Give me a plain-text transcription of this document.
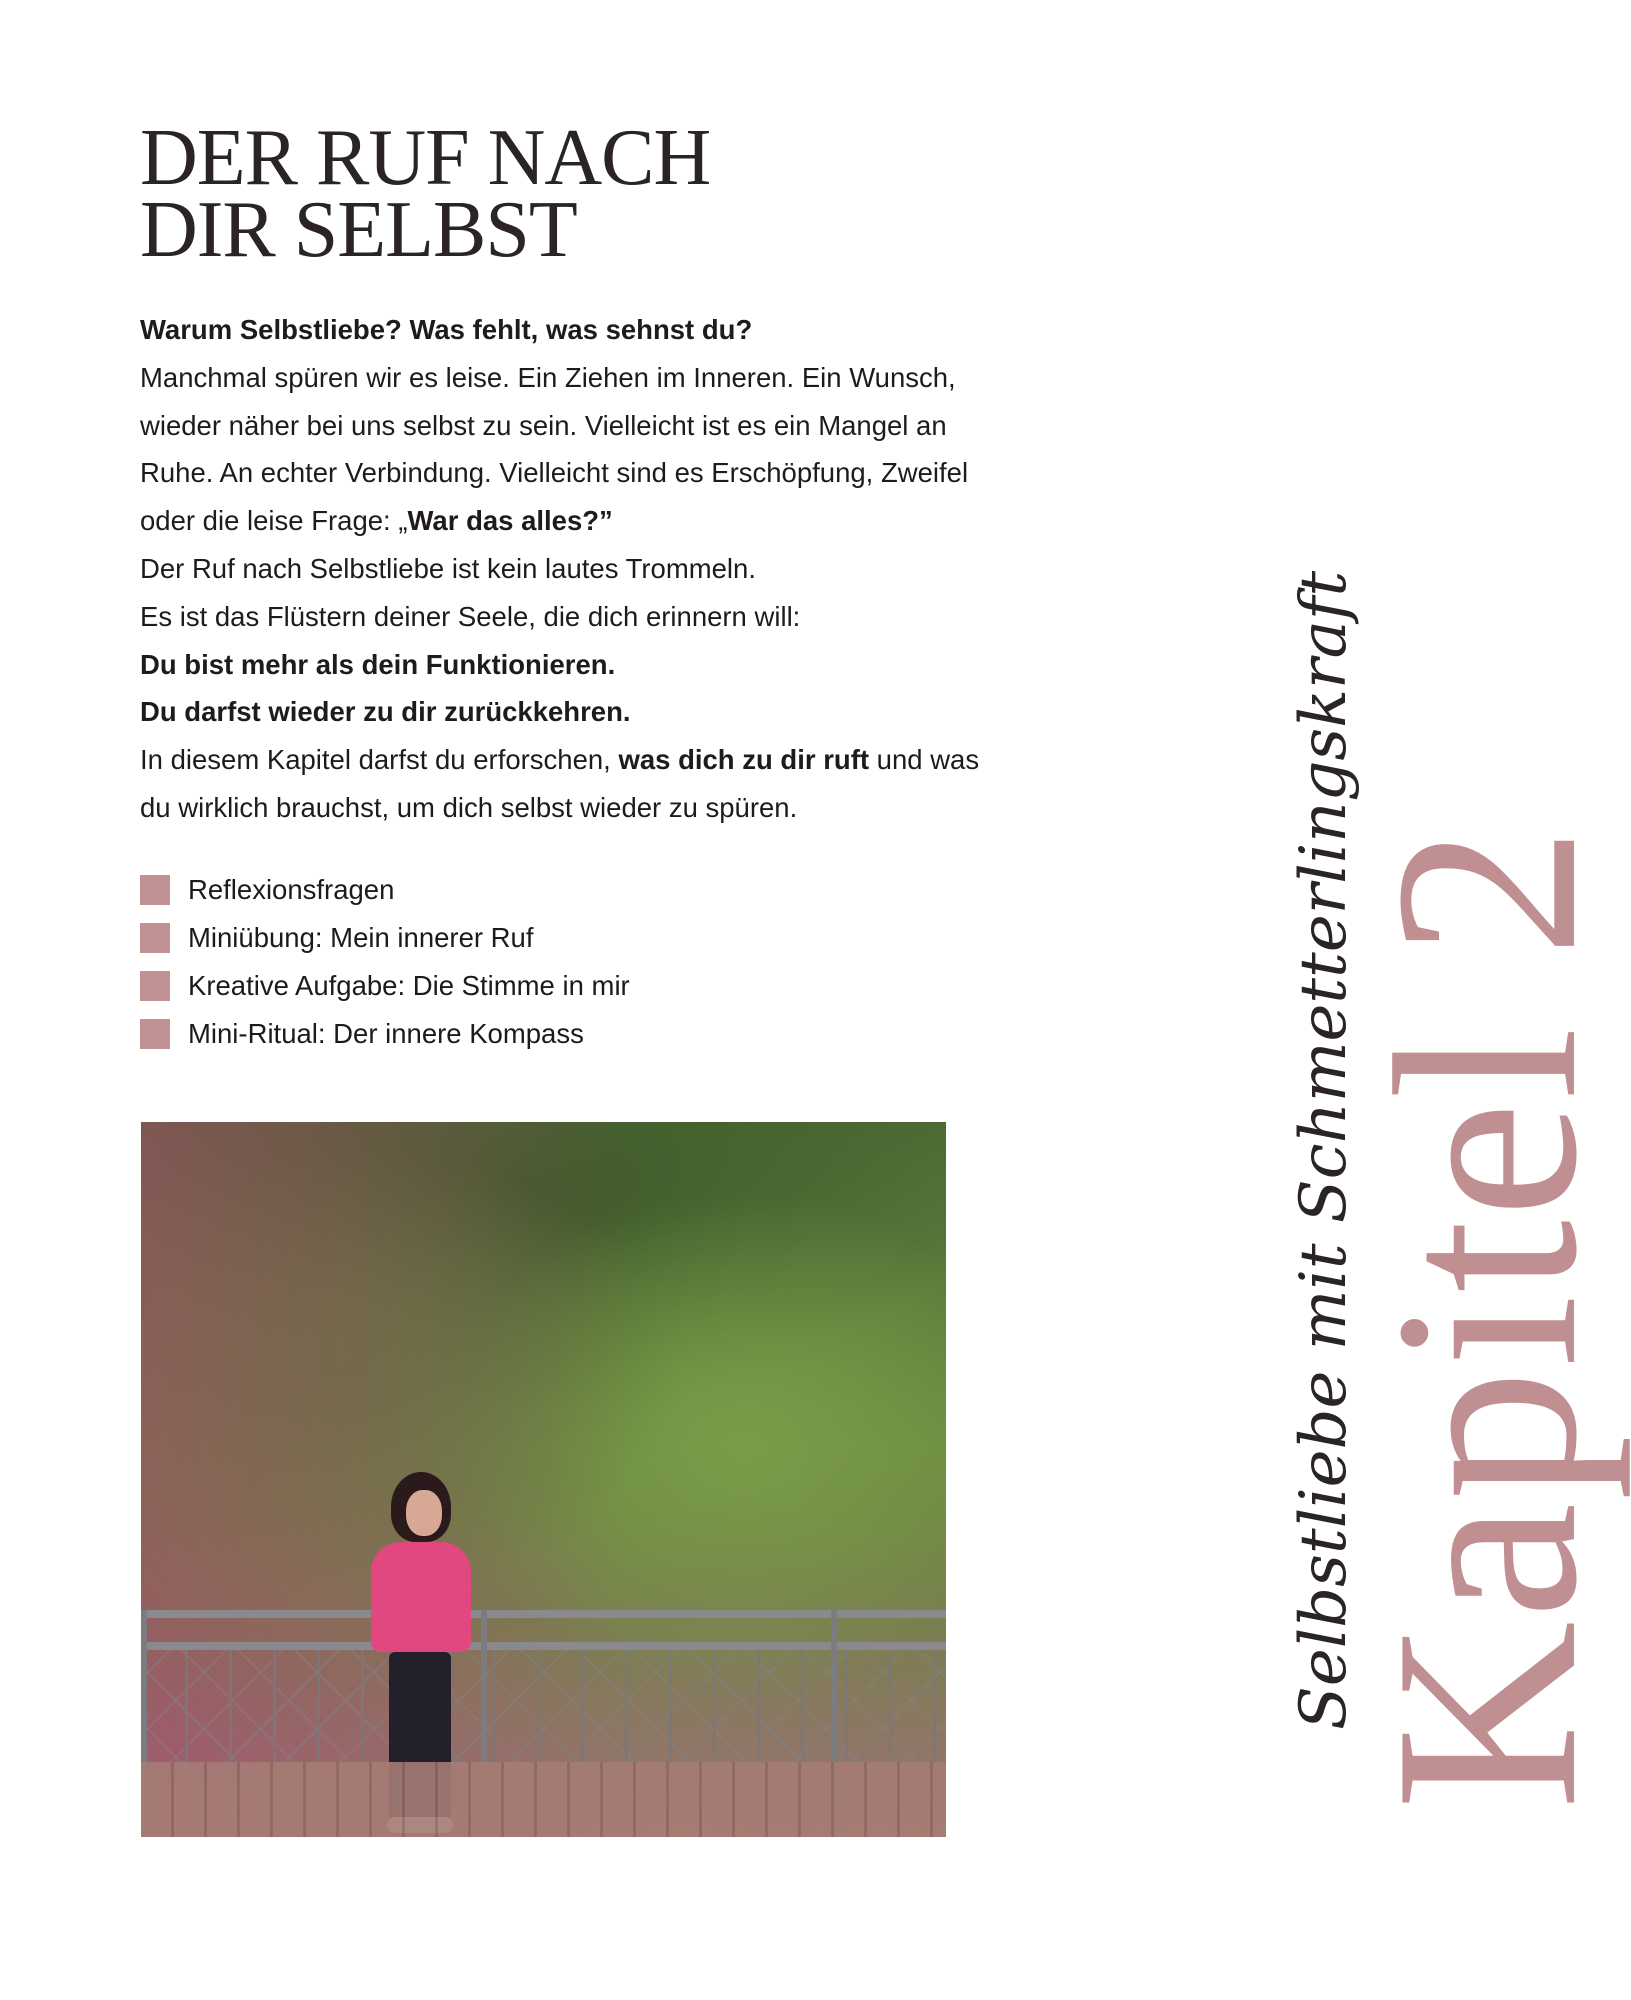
DER RUF NACH
DIR SELBST

Warum Selbstliebe? Was fehlt, was sehnst du?

Manchmal spüren wir es leise. Ein Ziehen im Inneren. Ein Wunsch,

wieder näher bei uns selbst zu sein. Vielleicht ist es ein Mangel an

Ruhe. An echter Verbindung. Vielleicht sind es Erschöpfung, Zweifel

oder die leise Frage: „War das alles?”

Der Ruf nach Selbstliebe ist kein lautes Trommeln.

Es ist das Flüstern deiner Seele, die dich erinnern will:

Du bist mehr als dein Funktionieren.

Du darfst wieder zu dir zurückkehren.

In diesem Kapitel darfst du erforschen, was dich zu dir ruft und was

du wirklich brauchst, um dich selbst wieder zu spüren.

Reflexionsfragen
Miniübung: Mein innerer Ruf
Kreative Aufgabe: Die Stimme in mir
Mini-Ritual: Der innere Kompass	Kapitel 2
Selbstliebe mit Schmetterlingskraft
